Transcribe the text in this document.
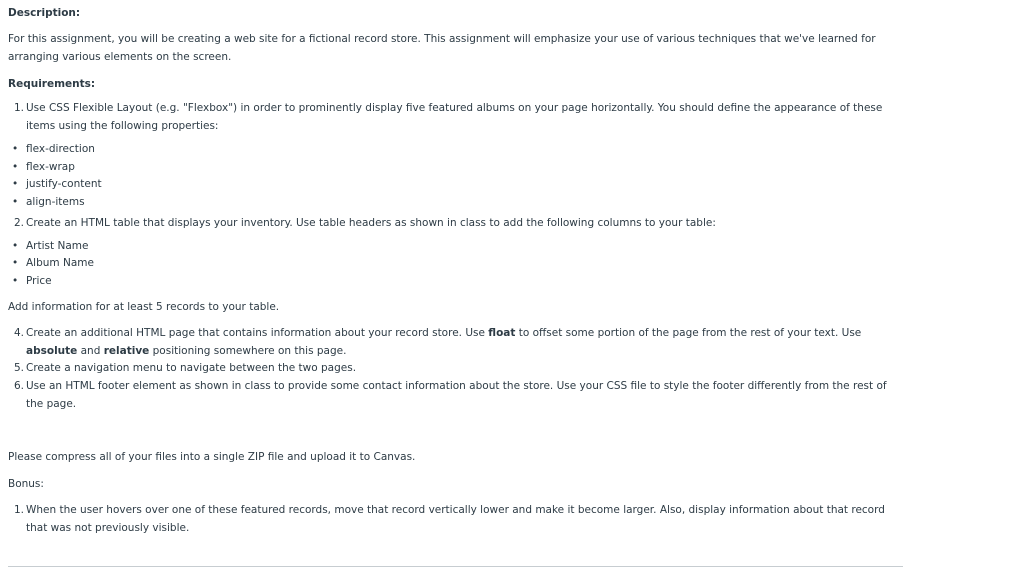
Description:
For this assignment, you will be creating a web site for a fictional record store. This assignment will emphasize your use of various techniques that we've learned for arranging various elements on the screen.
Requirements:
1. Use CSS Flexible Layout (e.g. "Flexbox") in order to prominently display five featured albums on your page horizontally. You should define the appearance of these items using the following properties:
• flex-direction
• flex-wrap
• justify-content
• align-items
2. Create an HTML table that displays your inventory. Use table headers as shown in class to add the following columns to your table:
• Artist Name
• Album Name
• Price
Add information for at least 5 records to your table.
4. Create an additional HTML page that contains information about your record store. Use float to offset some portion of the page from the rest of your text. Use absolute and relative positioning somewhere on this page.
5. Create a navigation menu to navigate between the two pages.
6. Use an HTML footer element as shown in class to provide some contact information about the store. Use your CSS file to style the footer differently from the rest of the page.
Please compress all of your files into a single ZIP file and upload it to Canvas.
Bonus:
1. When the user hovers over one of these featured records, move that record vertically lower and make it become larger. Also, display information about that record that was not previously visible.
